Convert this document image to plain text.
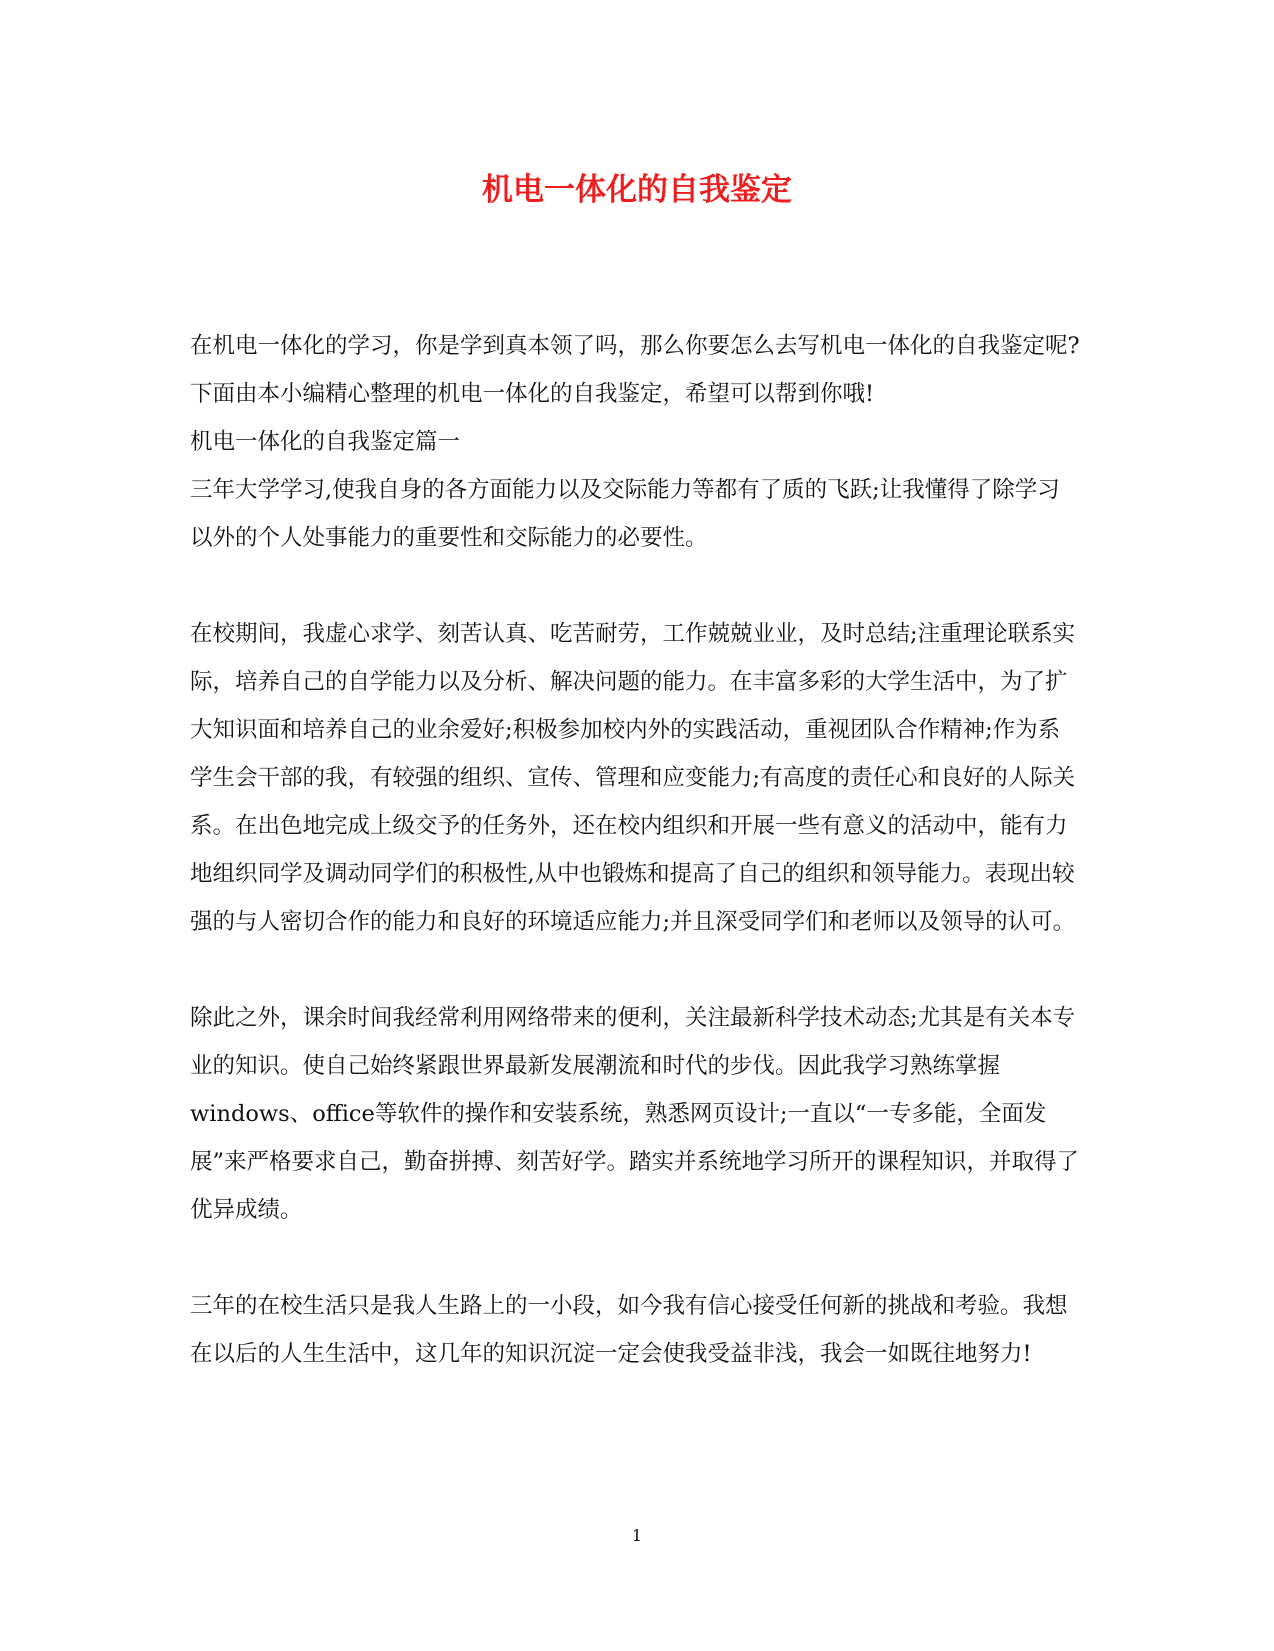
机电一体化的自我鉴定

在机电一体化的学习，你是学到真本领了吗，那么你要怎么去写机电一体化的自我鉴定呢?下面由本小编精心整理的机电一体化的自我鉴定，希望可以帮到你哦!

机电一体化的自我鉴定篇一

三年大学学习,使我自身的各方面能力以及交际能力等都有了质的飞跃;让我懂得了除学习以外的个人处事能力的重要性和交际能力的必要性。

在校期间，我虚心求学、刻苦认真、吃苦耐劳，工作兢兢业业，及时总结;注重理论联系实际，培养自己的自学能力以及分析、解决问题的能力。在丰富多彩的大学生活中，为了扩大知识面和培养自己的业余爱好;积极参加校内外的实践活动，重视团队合作精神;作为系学生会干部的我，有较强的组织、宣传、管理和应变能力;有高度的责任心和良好的人际关系。在出色地完成上级交予的任务外，还在校内组织和开展一些有意义的活动中，能有力地组织同学及调动同学们的积极性,从中也锻炼和提高了自己的组织和领导能力。表现出较强的与人密切合作的能力和良好的环境适应能力;并且深受同学们和老师以及领导的认可。

除此之外，课余时间我经常利用网络带来的便利，关注最新科学技术动态;尤其是有关本专业的知识。使自己始终紧跟世界最新发展潮流和时代的步伐。因此我学习熟练掌握windows、office等软件的操作和安装系统，熟悉网页设计;一直以“一专多能，全面发展”来严格要求自己，勤奋拼搏、刻苦好学。踏实并系统地学习所开的课程知识，并取得了优异成绩。

三年的在校生活只是我人生路上的一小段，如今我有信心接受任何新的挑战和考验。我想在以后的人生生活中，这几年的知识沉淀一定会使我受益非浅，我会一如既往地努力!

1
